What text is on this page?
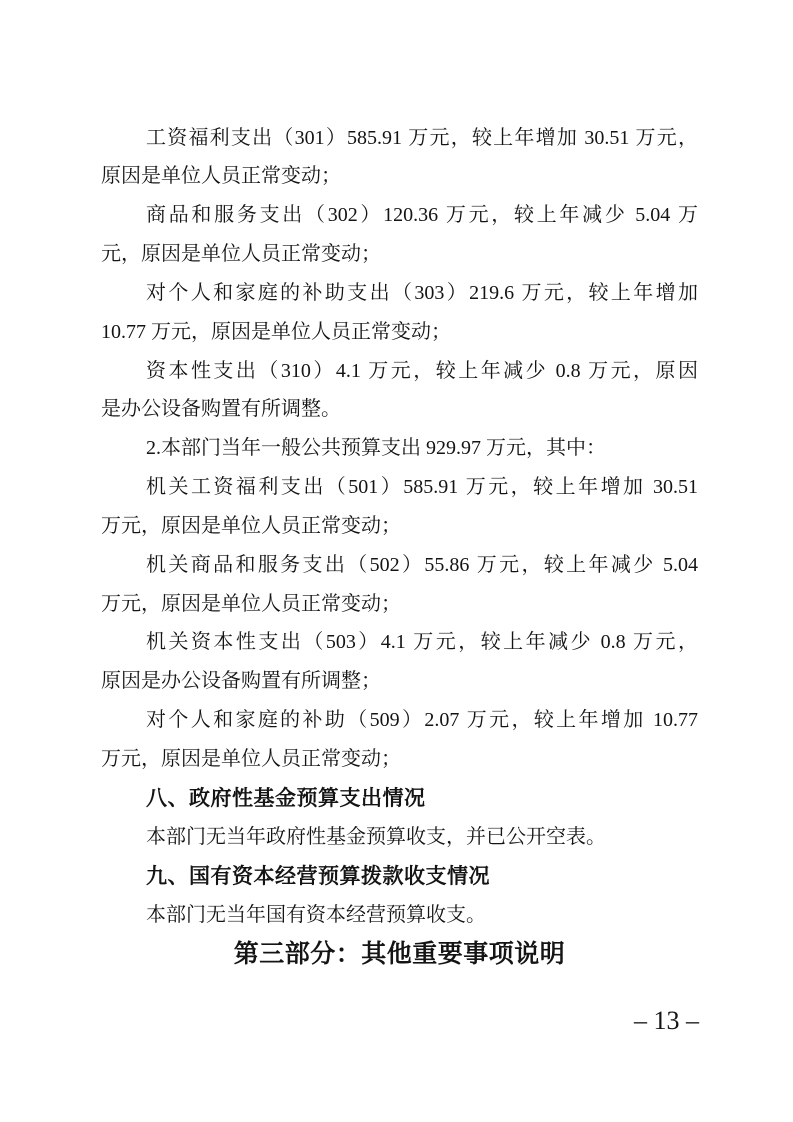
工资福利支出（301）585.91 万元，较上年增加 30.51 万元，
原因是单位人员正常变动；
商品和服务支出（302）120.36 万元，较上年减少 5.04 万
元，原因是单位人员正常变动；
对个人和家庭的补助支出（303）219.6 万元，较上年增加
10.77 万元，原因是单位人员正常变动；
资本性支出（310）4.1 万元，较上年减少 0.8 万元，原因
是办公设备购置有所调整。
2.本部门当年一般公共预算支出 929.97 万元，其中：
机关工资福利支出（501）585.91 万元，较上年增加 30.51
万元，原因是单位人员正常变动；
机关商品和服务支出（502）55.86 万元，较上年减少 5.04
万元，原因是单位人员正常变动；
机关资本性支出（503）4.1 万元，较上年减少 0.8 万元，
原因是办公设备购置有所调整；
对个人和家庭的补助（509）2.07 万元，较上年增加 10.77
万元，原因是单位人员正常变动；
八、政府性基金预算支出情况
本部门无当年政府性基金预算收支，并已公开空表。
九、国有资本经营预算拨款收支情况
本部门无当年国有资本经营预算收支。
第三部分：其他重要事项说明
– 13 –
